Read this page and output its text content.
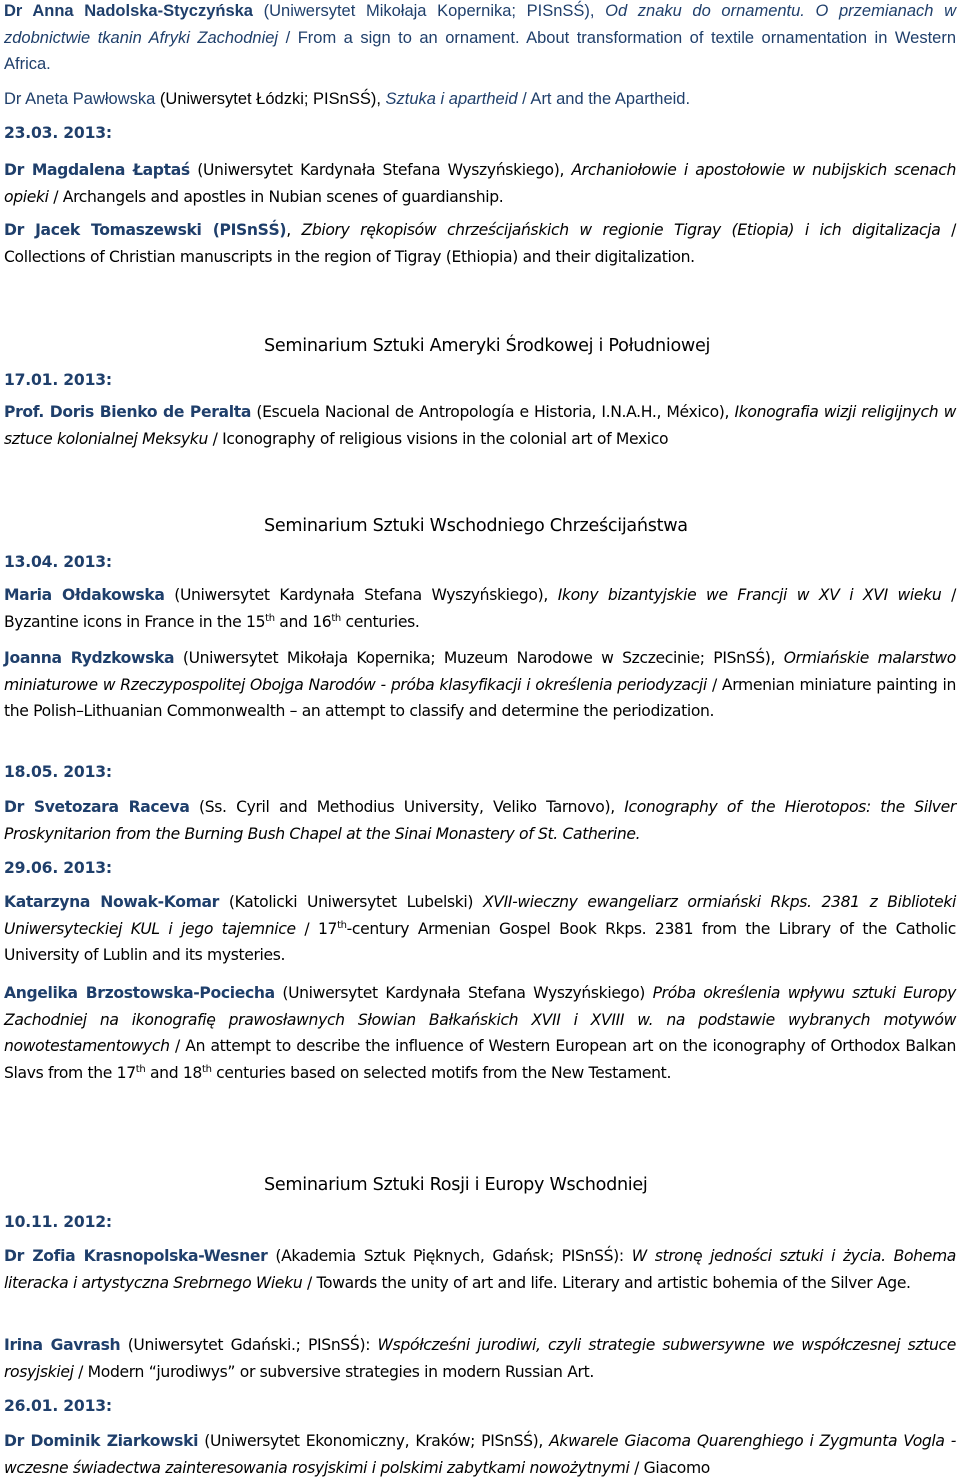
Dr Anna Nadolska-Styczyńska (Uniwersytet Mikołaja Kopernika; PISnSŚ), Od znaku do ornamentu. O przemianach w zdobnictwie tkanin Afryki Zachodniej / From a sign to an ornament. About transformation of textile ornamentation in Western Africa.

Dr Aneta Pawłowska (Uniwersytet Łódzki; PISnSŚ), Sztuka i apartheid / Art and the Apartheid.

23.03. 2013:

Dr Magdalena Łaptaś (Uniwersytet Kardynała Stefana Wyszyńskiego), Archaniołowie i apostołowie w nubijskich scenach opieki / Archangels and apostles in Nubian scenes of guardianship.

Dr Jacek Tomaszewski (PISnSŚ), Zbiory rękopisów chrześcijańskich w regionie Tigray (Etiopia) i ich digitalizacja / Collections of Christian manuscripts in the region of Tigray (Ethiopia) and their digitalization.

Seminarium Sztuki Ameryki Środkowej i Południowej

17.01. 2013:

Prof. Doris Bienko de Peralta (Escuela Nacional de Antropología e Historia, I.N.A.H., México), Ikonografia wizji religijnych w sztuce kolonialnej Meksyku / Iconography of religious visions in the colonial art of Mexico

Seminarium Sztuki Wschodniego Chrześcijaństwa

13.04. 2013:

Maria Ołdakowska (Uniwersytet Kardynała Stefana Wyszyńskiego), Ikony bizantyjskie we Francji w XV i XVI wieku / Byzantine icons in France in the 15th and 16th centuries.

Joanna Rydzkowska (Uniwersytet Mikołaja Kopernika; Muzeum Narodowe w Szczecinie; PISnSŚ), Ormiańskie malarstwo miniaturowe w Rzeczypospolitej Obojga Narodów - próba klasyfikacji i określenia periodyzacji / Armenian miniature painting in the Polish–Lithuanian Commonwealth – an attempt to classify and determine the periodization.

18.05. 2013:

Dr Svetozara Raceva (Ss. Cyril and Methodius University, Veliko Tarnovo), Iconography of the Hierotopos: the Silver Proskynitarion from the Burning Bush Chapel at the Sinai Monastery of St. Catherine.

29.06. 2013:

Katarzyna Nowak-Komar (Katolicki Uniwersytet Lubelski) XVII-wieczny ewangeliarz ormiański Rkps. 2381 z Biblioteki Uniwersyteckiej KUL i jego tajemnice / 17th-century Armenian Gospel Book Rkps. 2381 from the Library of the Catholic University of Lublin and its mysteries.

Angelika Brzostowska-Pociecha (Uniwersytet Kardynała Stefana Wyszyńskiego) Próba określenia wpływu sztuki Europy Zachodniej na ikonografię prawosławnych Słowian Bałkańskich XVII i XVIII w. na podstawie wybranych motywów nowotestamentowych / An attempt to describe the influence of Western European art on the iconography of Orthodox Balkan Slavs from the 17th and 18th centuries based on selected motifs from the New Testament.

Seminarium Sztuki Rosji i Europy Wschodniej

10.11. 2012:

Dr Zofia Krasnopolska-Wesner (Akademia Sztuk Pięknych, Gdańsk; PISnSŚ): W stronę jedności sztuki i życia. Bohema literacka i artystyczna Srebrnego Wieku / Towards the unity of art and life. Literary and artistic bohemia of the Silver Age.

Irina Gavrash (Uniwersytet Gdański.; PISnSŚ): Współcześni jurodiwi, czyli strategie subwersywne we współczesnej sztuce rosyjskiej / Modern “jurodiwys” or subversive strategies in modern Russian Art.

26.01. 2013:

Dr Dominik Ziarkowski (Uniwersytet Ekonomiczny, Kraków; PISnSŚ), Akwarele Giacoma Quarenghiego i Zygmunta Vogla - wczesne świadectwa zainteresowania rosyjskimi i polskimi zabytkami nowożytnymi / Giacomo
